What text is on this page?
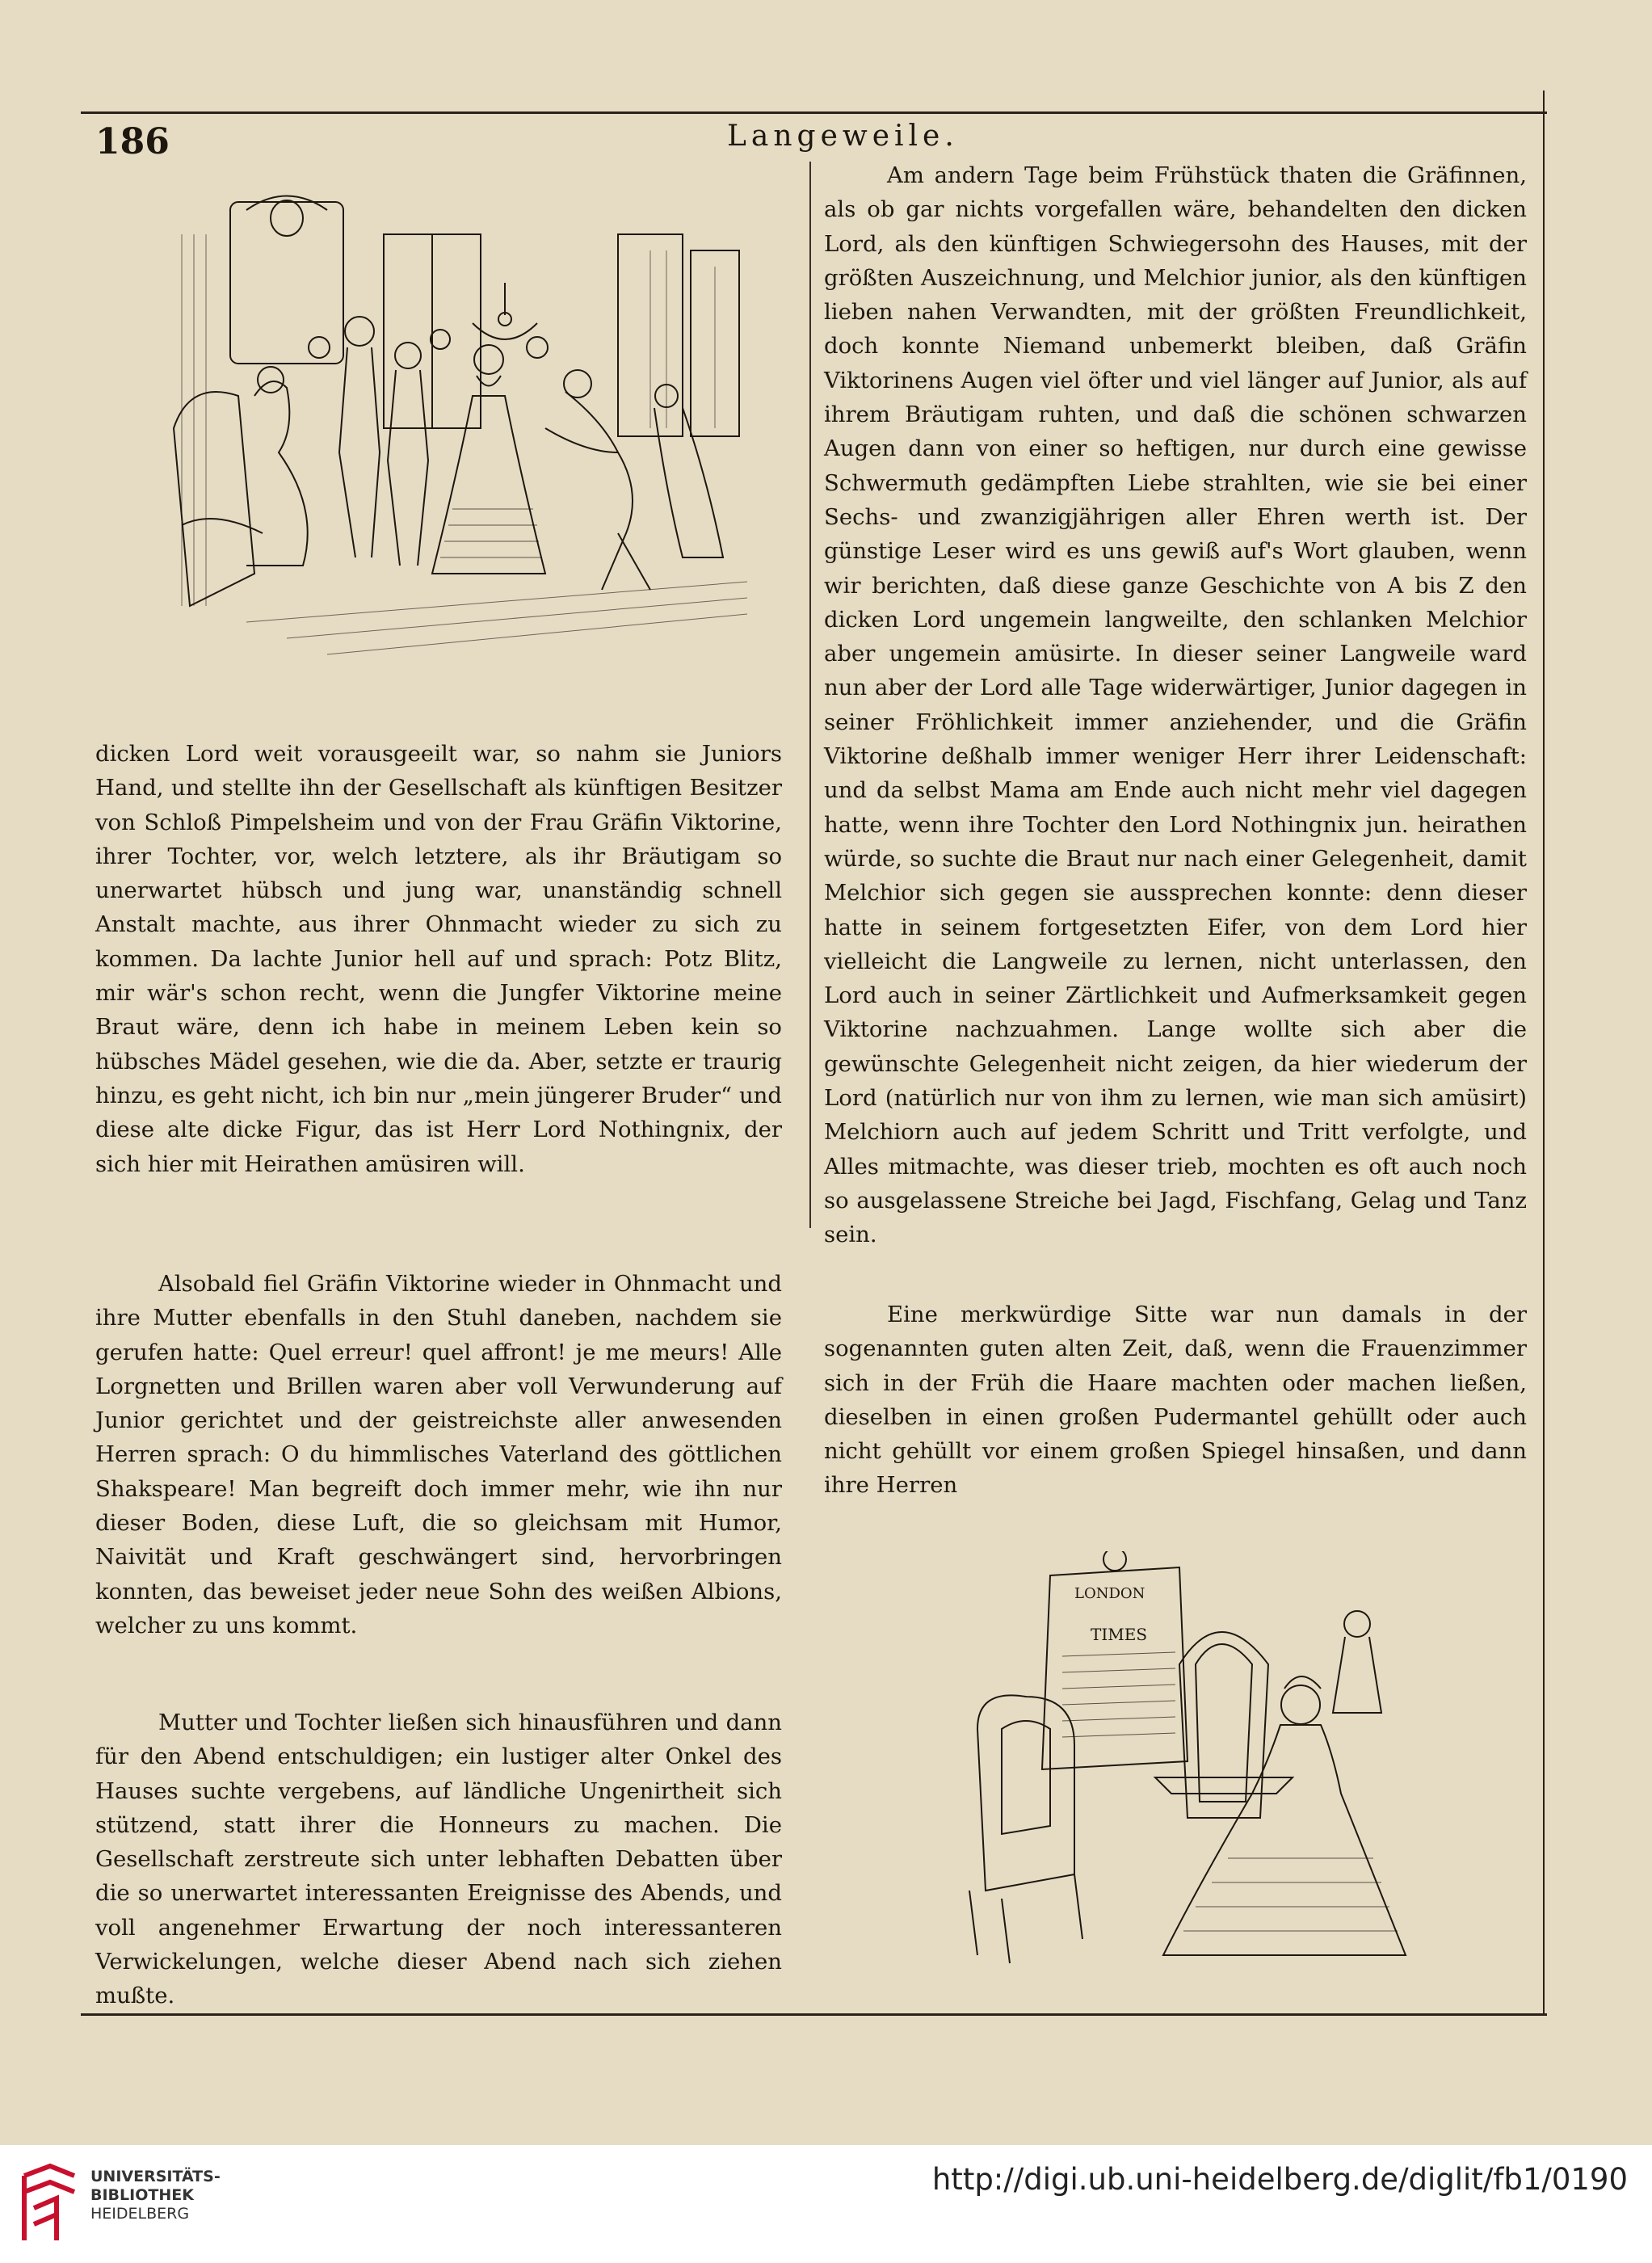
186	Langeweile.

dicken Lord weit vorausgeeilt war, so nahm sie Juniors Hand, und stellte ihn der Gesellschaft als künftigen Besitzer von Schloß Pimpelsheim und von der Frau Gräfin Viktorine, ihrer Tochter, vor, welch letztere, als ihr Bräutigam so unerwartet hübsch und jung war, unanständig schnell Anstalt machte, aus ihrer Ohnmacht wieder zu sich zu kommen. Da lachte Junior hell auf und sprach: Potz Blitz, mir wär's schon recht, wenn die Jungfer Viktorine meine Braut wäre, denn ich habe in meinem Leben kein so hübsches Mädel gesehen, wie die da. Aber, setzte er traurig hinzu, es geht nicht, ich bin nur „mein jüngerer Bruder“ und diese alte dicke Figur, das ist Herr Lord Nothingnix, der sich hier mit Heirathen amüsiren will.

Alsobald fiel Gräfin Viktorine wieder in Ohnmacht und ihre Mutter ebenfalls in den Stuhl daneben, nachdem sie gerufen hatte: Quel erreur! quel affront! je me meurs! Alle Lorgnetten und Brillen waren aber voll Verwunderung auf Junior gerichtet und der geistreichste aller anwesenden Herren sprach: O du himmlisches Vaterland des göttlichen Shakspeare! Man begreift doch immer mehr, wie ihn nur dieser Boden, diese Luft, die so gleichsam mit Humor, Naivität und Kraft geschwängert sind, hervorbringen konnten, das beweiset jeder neue Sohn des weißen Albions, welcher zu uns kommt.

Mutter und Tochter ließen sich hinausführen und dann für den Abend entschuldigen; ein lustiger alter Onkel des Hauses suchte vergebens, auf ländliche Ungenirtheit sich stützend, statt ihrer die Honneurs zu machen. Die Gesellschaft zerstreute sich unter lebhaften Debatten über die so unerwartet interessanten Ereignisse des Abends, und voll angenehmer Erwartung der noch interessanteren Verwickelungen, welche dieser Abend nach sich ziehen mußte.

Am andern Tage beim Frühstück thaten die Gräfinnen, als ob gar nichts vorgefallen wäre, behandelten den dicken Lord, als den künftigen Schwiegersohn des Hauses, mit der größten Auszeichnung, und Melchior junior, als den künftigen lieben nahen Verwandten, mit der größten Freundlichkeit, doch konnte Niemand unbemerkt bleiben, daß Gräfin Viktorinens Augen viel öfter und viel länger auf Junior, als auf ihrem Bräutigam ruhten, und daß die schönen schwarzen Augen dann von einer so heftigen, nur durch eine gewisse Schwermuth gedämpften Liebe strahlten, wie sie bei einer Sechs- und zwanzigjährigen aller Ehren werth ist. Der günstige Leser wird es uns gewiß auf's Wort glauben, wenn wir berichten, daß diese ganze Geschichte von A bis Z den dicken Lord ungemein langweilte, den schlanken Melchior aber ungemein amüsirte. In dieser seiner Langweile ward nun aber der Lord alle Tage widerwärtiger, Junior dagegen in seiner Fröhlichkeit immer anziehender, und die Gräfin Viktorine deßhalb immer weniger Herr ihrer Leidenschaft: und da selbst Mama am Ende auch nicht mehr viel dagegen hatte, wenn ihre Tochter den Lord Nothingnix jun. heirathen würde, so suchte die Braut nur nach einer Gelegenheit, damit Melchior sich gegen sie aussprechen konnte: denn dieser hatte in seinem fortgesetzten Eifer, von dem Lord hier vielleicht die Langweile zu lernen, nicht unterlassen, den Lord auch in seiner Zärtlichkeit und Aufmerksamkeit gegen Viktorine nachzuahmen. Lange wollte sich aber die gewünschte Gelegenheit nicht zeigen, da hier wiederum der Lord (natürlich nur von ihm zu lernen, wie man sich amüsirt) Melchiorn auch auf jedem Schritt und Tritt verfolgte, und Alles mitmachte, was dieser trieb, mochten es oft auch noch so ausgelassene Streiche bei Jagd, Fischfang, Gelag und Tanz sein.

Eine merkwürdige Sitte war nun damals in der sogenannten guten alten Zeit, daß, wenn die Frauenzimmer sich in der Früh die Haare machten oder machen ließen, dieselben in einen großen Pudermantel gehüllt oder auch nicht gehüllt vor einem großen Spiegel hinsaßen, und dann ihre Herren

LONDON
TIMES
UNIVERSITÄTS-
BIBLIOTHEK
HEIDELBERG
http://digi.ub.uni-heidelberg.de/diglit/fb1/0190
